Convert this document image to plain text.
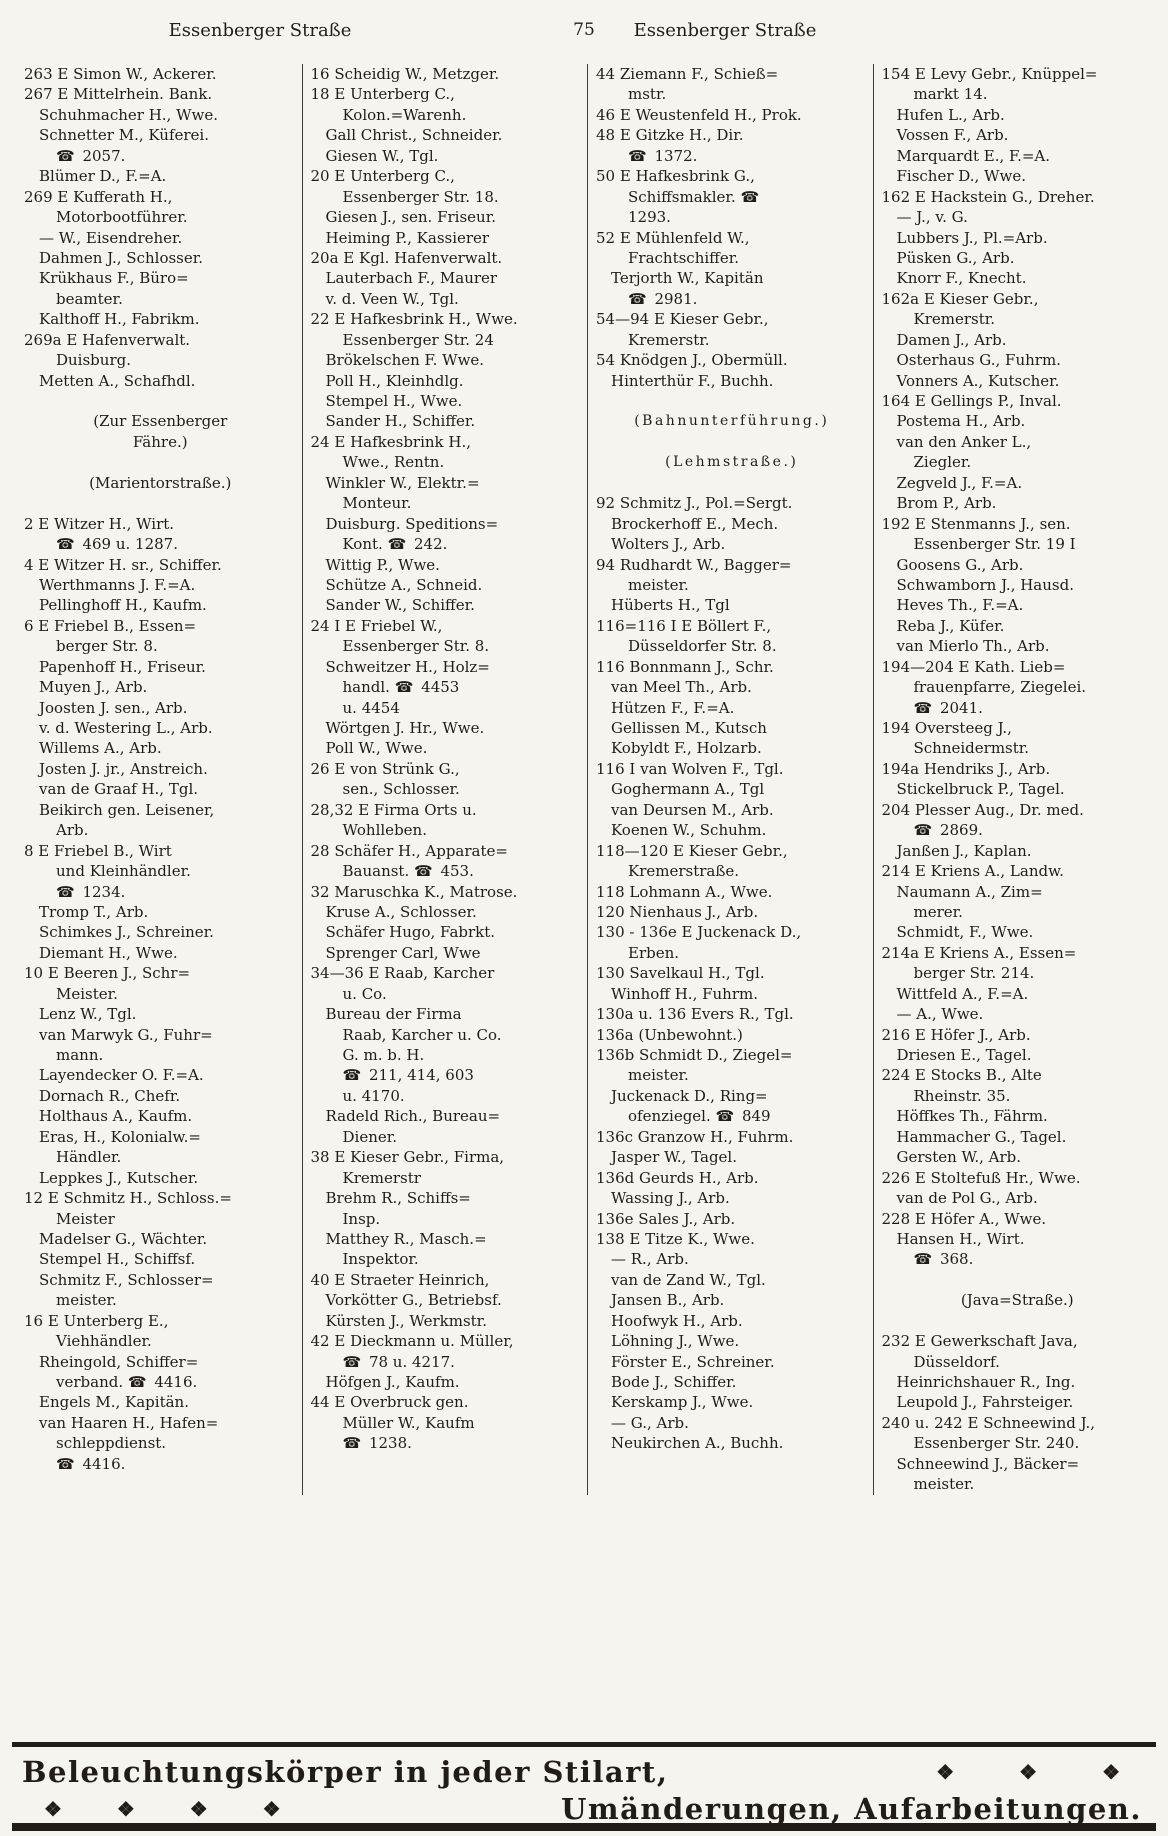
Essenberger Straße	75	Essenberger Straße
263 E Simon W., Ackerer.
267 E Mittelrhein. Bank.
Schuhmacher H., Wwe.
Schnetter M., Küferei.
☎ 2057.
Blümer D., F.=A.
269 E Kufferath H.,
Motorbootführer.
— W., Eisendreher.
Dahmen J., Schlosser.
Krükhaus F., Büro=
beamter.
Kalthoff H., Fabrikm.
269a E Hafenverwalt.
Duisburg.
Metten A., Schafhdl.
(Zur Essenberger
Fähre.)
(Marientorstraße.)
2 E Witzer H., Wirt.
☎ 469 u. 1287.
4 E Witzer H. sr., Schiffer.
Werthmanns J. F.=A.
Pellinghoff H., Kaufm.
6 E Friebel B., Essen=
berger Str. 8.
Papenhoff H., Friseur.
Muyen J., Arb.
Joosten J. sen., Arb.
v. d. Westering L., Arb.
Willems A., Arb.
Josten J. jr., Anstreich.
van de Graaf H., Tgl.
Beikirch gen. Leisener,
Arb.
8 E Friebel B., Wirt
und Kleinhändler.
☎ 1234.
Tromp T., Arb.
Schimkes J., Schreiner.
Diemant H., Wwe.
10 E Beeren J., Schr=
Meister.
Lenz W., Tgl.
van Marwyk G., Fuhr=
mann.
Layendecker O. F.=A.
Dornach R., Chefr.
Holthaus A., Kaufm.
Eras, H., Kolonialw.=
Händler.
Leppkes J., Kutscher.
12 E Schmitz H., Schloss.=
Meister
Madelser G., Wächter.
Stempel H., Schiffsf.
Schmitz F., Schlosser=
meister.
16 E Unterberg E.,
Viehhändler.
Rheingold, Schiffer=
verband. ☎ 4416.
Engels M., Kapitän.
van Haaren H., Hafen=
schleppdienst.
☎ 4416.
16 Scheidig W., Metzger.
18 E Unterberg C.,
Kolon.=Warenh.
Gall Christ., Schneider.
Giesen W., Tgl.
20 E Unterberg C.,
Essenberger Str. 18.
Giesen J., sen. Friseur.
Heiming P., Kassierer
20a E Kgl. Hafenverwalt.
Lauterbach F., Maurer
v. d. Veen W., Tgl.
22 E Hafkesbrink H., Wwe.
Essenberger Str. 24
Brökelschen F. Wwe.
Poll H., Kleinhdlg.
Stempel H., Wwe.
Sander H., Schiffer.
24 E Hafkesbrink H.,
Wwe., Rentn.
Winkler W., Elektr.=
Monteur.
Duisburg. Speditions=
Kont. ☎ 242.
Wittig P., Wwe.
Schütze A., Schneid.
Sander W., Schiffer.
24 I E Friebel W.,
Essenberger Str. 8.
Schweitzer H., Holz=
handl. ☎ 4453
u. 4454
Wörtgen J. Hr., Wwe.
Poll W., Wwe.
26 E von Strünk G.,
sen., Schlosser.
28,32 E Firma Orts u.
Wohlleben.
28 Schäfer H., Apparate=
Bauanst. ☎ 453.
32 Maruschka K., Matrose.
Kruse A., Schlosser.
Schäfer Hugo, Fabrkt.
Sprenger Carl, Wwe
34—36 E Raab, Karcher
u. Co.
Bureau der Firma
Raab, Karcher u. Co.
G. m. b. H.
☎ 211, 414, 603
u. 4170.
Radeld Rich., Bureau=
Diener.
38 E Kieser Gebr., Firma,
Kremerstr
Brehm R., Schiffs=
Insp.
Matthey R., Masch.=
Inspektor.
40 E Straeter Heinrich,
Vorkötter G., Betriebsf.
Kürsten J., Werkmstr.
42 E Dieckmann u. Müller,
☎ 78 u. 4217.
Höfgen J., Kaufm.
44 E Overbruck gen.
Müller W., Kaufm
☎ 1238.
44 Ziemann F., Schieß=
mstr.
46 E Weustenfeld H., Prok.
48 E Gitzke H., Dir.
☎ 1372.
50 E Hafkesbrink G.,
Schiffsmakler. ☎
1293.
52 E Mühlenfeld W.,
Frachtschiffer.
Terjorth W., Kapitän
☎ 2981.
54—94 E Kieser Gebr.,
Kremerstr.
54 Knödgen J., Obermüll.
Hinterthür F., Buchh.
(Bahnunterführung.)
(Lehmstraße.)
92 Schmitz J., Pol.=Sergt.
Brockerhoff E., Mech.
Wolters J., Arb.
94 Rudhardt W., Bagger=
meister.
Hüberts H., Tgl
116=116 I E Böllert F.,
Düsseldorfer Str. 8.
116 Bonnmann J., Schr.
van Meel Th., Arb.
Hützen F., F.=A.
Gellissen M., Kutsch
Kobyldt F., Holzarb.
116 I van Wolven F., Tgl.
Goghermann A., Tgl
van Deursen M., Arb.
Koenen W., Schuhm.
118—120 E Kieser Gebr.,
Kremerstraße.
118 Lohmann A., Wwe.
120 Nienhaus J., Arb.
130 - 136e E Juckenack D.,
Erben.
130 Savelkaul H., Tgl.
Winhoff H., Fuhrm.
130a u. 136 Evers R., Tgl.
136a (Unbewohnt.)
136b Schmidt D., Ziegel=
meister.
Juckenack D., Ring=
ofenziegel. ☎ 849
136c Granzow H., Fuhrm.
Jasper W., Tagel.
136d Geurds H., Arb.
Wassing J., Arb.
136e Sales J., Arb.
138 E Titze K., Wwe.
— R., Arb.
van de Zand W., Tgl.
Jansen B., Arb.
Hoofwyk H., Arb.
Löhning J., Wwe.
Förster E., Schreiner.
Bode J., Schiffer.
Kerskamp J., Wwe.
— G., Arb.
Neukirchen A., Buchh.
154 E Levy Gebr., Knüppel=
markt 14.
Hufen L., Arb.
Vossen F., Arb.
Marquardt E., F.=A.
Fischer D., Wwe.
162 E Hackstein G., Dreher.
— J., v. G.
Lubbers J., Pl.=Arb.
Püsken G., Arb.
Knorr F., Knecht.
162a E Kieser Gebr.,
Kremerstr.
Damen J., Arb.
Osterhaus G., Fuhrm.
Vonners A., Kutscher.
164 E Gellings P., Inval.
Postema H., Arb.
van den Anker L.,
Ziegler.
Zegveld J., F.=A.
Brom P., Arb.
192 E Stenmanns J., sen.
Essenberger Str. 19 I
Goosens G., Arb.
Schwamborn J., Hausd.
Heves Th., F.=A.
Reba J., Küfer.
van Mierlo Th., Arb.
194—204 E Kath. Lieb=
frauenpfarre, Ziegelei.
☎ 2041.
194 Oversteeg J.,
Schneidermstr.
194a Hendriks J., Arb.
Stickelbruck P., Tagel.
204 Plesser Aug., Dr. med.
☎ 2869.
Janßen J., Kaplan.
214 E Kriens A., Landw.
Naumann A., Zim=
merer.
Schmidt, F., Wwe.
214a E Kriens A., Essen=
berger Str. 214.
Wittfeld A., F.=A.
— A., Wwe.
216 E Höfer J., Arb.
Driesen E., Tagel.
224 E Stocks B., Alte
Rheinstr. 35.
Höffkes Th., Fährm.
Hammacher G., Tagel.
Gersten W., Arb.
226 E Stoltefuß Hr., Wwe.
van de Pol G., Arb.
228 E Höfer A., Wwe.
Hansen H., Wirt.
☎ 368.
(Java=Straße.)
232 E Gewerkschaft Java,
Düsseldorf.
Heinrichshauer R., Ing.
Leupold J., Fahrsteiger.
240 u. 242 E Schneewind J.,
Essenberger Str. 240.
Schneewind J., Bäcker=
meister.
Beleuchtungskörper in jeder Stilart,	❖ ❖ ❖
❖ ❖ ❖ ❖	Umänderungen, Aufarbeitungen.
